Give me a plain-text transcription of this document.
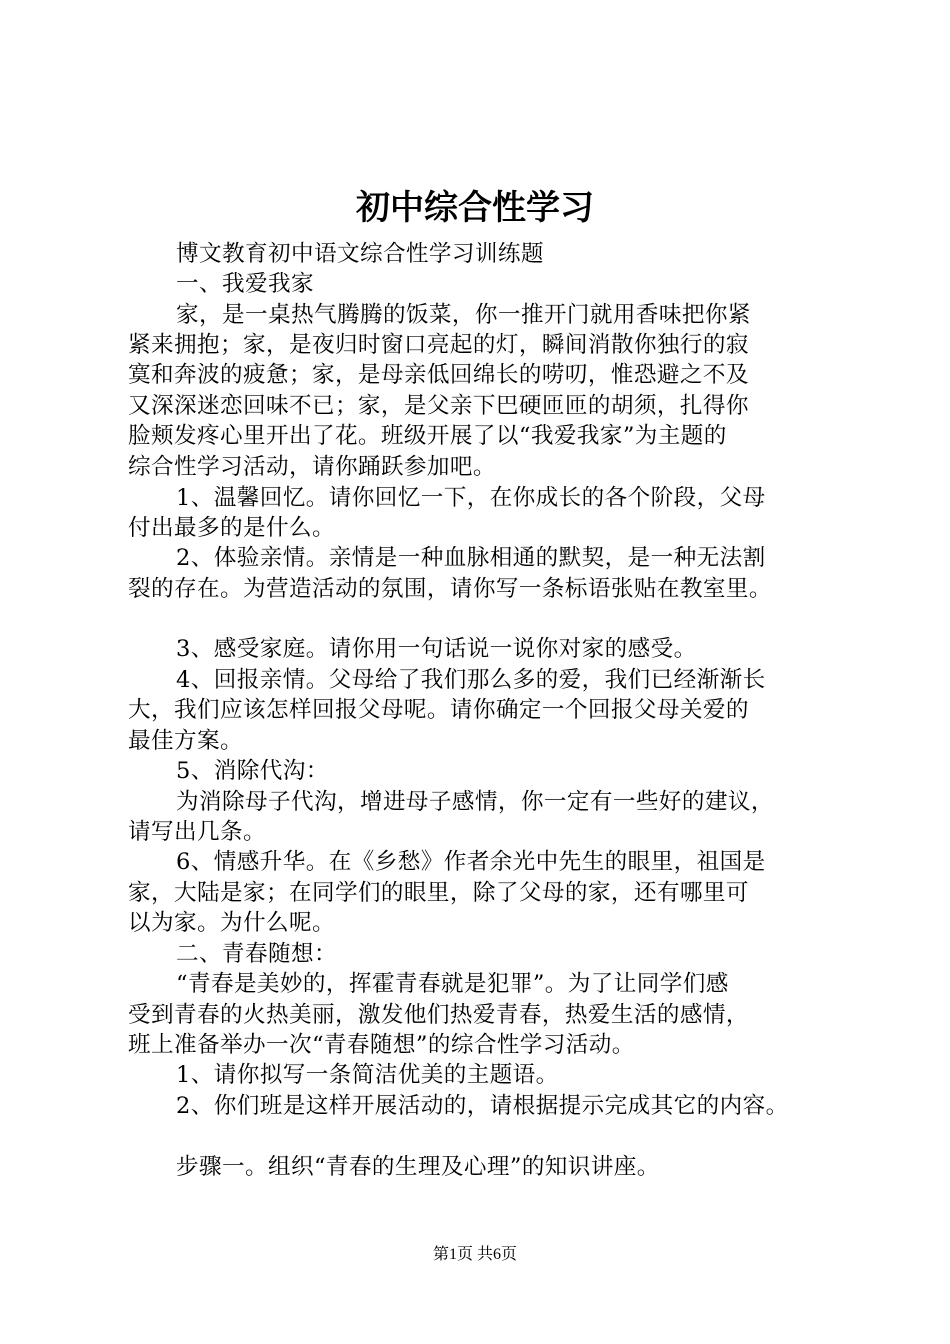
初中综合性学习
博文教育初中语文综合性学习训练题
一、我爱我家
家，是一桌热气腾腾的饭菜，你一推开门就用香味把你紧
紧来拥抱；家，是夜归时窗口亮起的灯，瞬间消散你独行的寂
寞和奔波的疲惫；家，是母亲低回绵长的唠叨，惟恐避之不及
又深深迷恋回味不已；家，是父亲下巴硬匝匝的胡须，扎得你
脸颊发疼心里开出了花。班级开展了以“我爱我家”为主题的
综合性学习活动，请你踊跃参加吧。
1、温馨回忆。请你回忆一下，在你成长的各个阶段，父母
付出最多的是什么。
2、体验亲情。亲情是一种血脉相通的默契，是一种无法割
裂的存在。为营造活动的氛围，请你写一条标语张贴在教室里。
3、感受家庭。请你用一句话说一说你对家的感受。
4、回报亲情。父母给了我们那么多的爱，我们已经渐渐长
大，我们应该怎样回报父母呢。请你确定一个回报父母关爱的
最佳方案。
5、消除代沟：
为消除母子代沟，增进母子感情，你一定有一些好的建议，
请写出几条。
6、情感升华。在《乡愁》作者余光中先生的眼里，祖国是
家，大陆是家；在同学们的眼里，除了父母的家，还有哪里可
以为家。为什么呢。
二、青春随想：
“青春是美妙的，挥霍青春就是犯罪”。为了让同学们感
受到青春的火热美丽，激发他们热爱青春，热爱生活的感情，
班上准备举办一次“青春随想”的综合性学习活动。
1、请你拟写一条简洁优美的主题语。
2、你们班是这样开展活动的，请根据提示完成其它的内容。
步骤一。组织“青春的生理及心理”的知识讲座。
第1页 共6页
